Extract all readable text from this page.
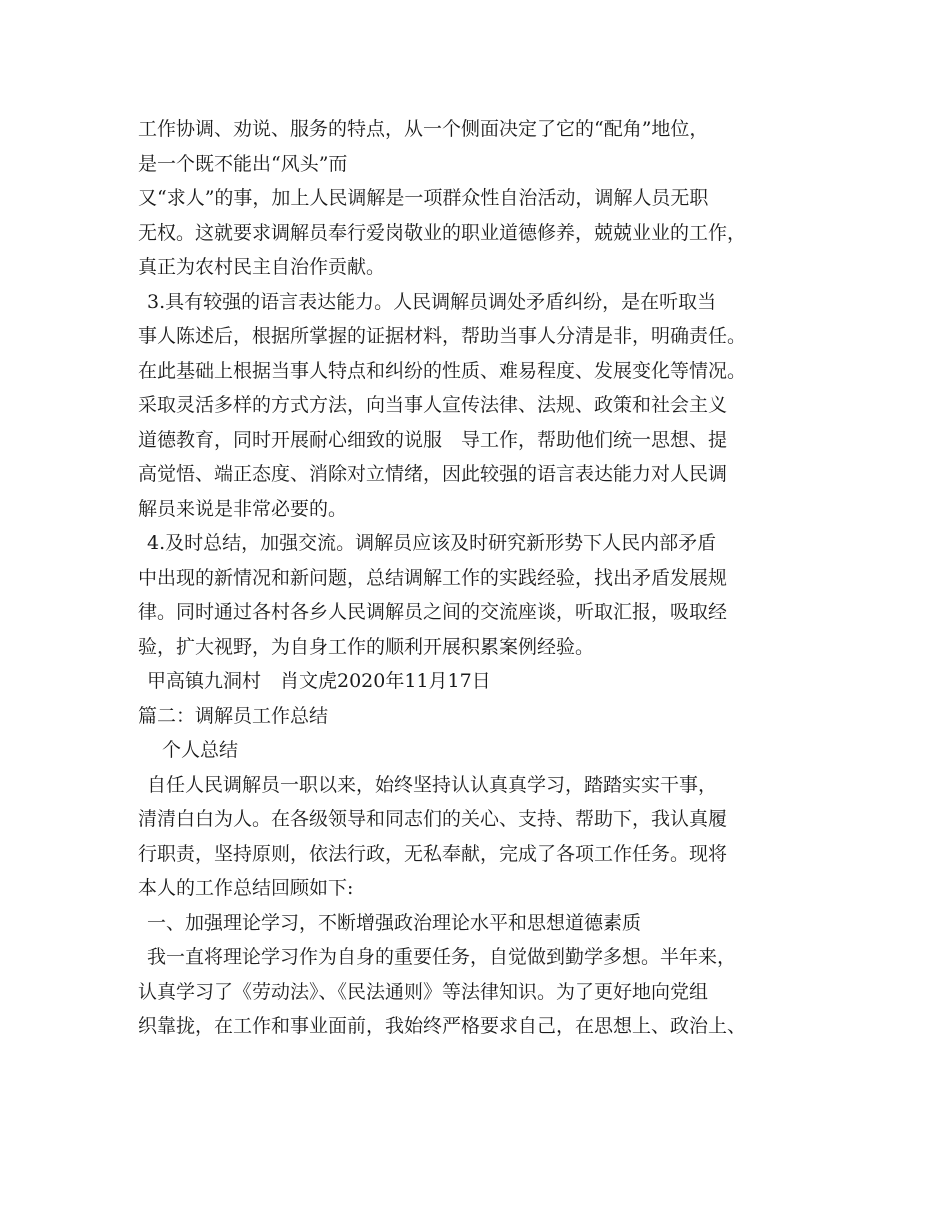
工作协调、劝说、服务的特点，从一个侧面决定了它的“配角”地位，
是一个既不能出“风头”而
又“求人”的事，加上人民调解是一项群众性自治活动，调解人员无职
无权。这就要求调解员奉行爱岗敬业的职业道德修养，兢兢业业的工作，
真正为农村民主自治作贡献。
3.具有较强的语言表达能力。人民调解员调处矛盾纠纷，是在听取当
事人陈述后，根据所掌握的证据材料，帮助当事人分清是非，明确责任。
在此基础上根据当事人特点和纠纷的性质、难易程度、发展变化等情况。
采取灵活多样的方式方法，向当事人宣传法律、法规、政策和社会主义
道德教育，同时开展耐心细致的说服　导工作，帮助他们统一思想、提
高觉悟、端正态度、消除对立情绪，因此较强的语言表达能力对人民调
解员来说是非常必要的。
4.及时总结，加强交流。调解员应该及时研究新形势下人民内部矛盾
中出现的新情况和新问题，总结调解工作的实践经验，找出矛盾发展规
律。同时通过各村各乡人民调解员之间的交流座谈，听取汇报，吸取经
验，扩大视野，为自身工作的顺利开展积累案例经验。
甲高镇九洞村　肖文虎2020年11月17日
篇二：调解员工作总结
个人总结
自任人民调解员一职以来，始终坚持认认真真学习，踏踏实实干事，
清清白白为人。在各级领导和同志们的关心、支持、帮助下，我认真履
行职责，坚持原则，依法行政，无私奉献，完成了各项工作任务。现将
本人的工作总结回顾如下:
一、加强理论学习，不断增强政治理论水平和思想道德素质
我一直将理论学习作为自身的重要任务，自觉做到勤学多想。半年来，
认真学习了《劳动法》、《民法通则》等法律知识。为了更好地向党组
织靠拢，在工作和事业面前，我始终严格要求自己，在思想上、政治上、
